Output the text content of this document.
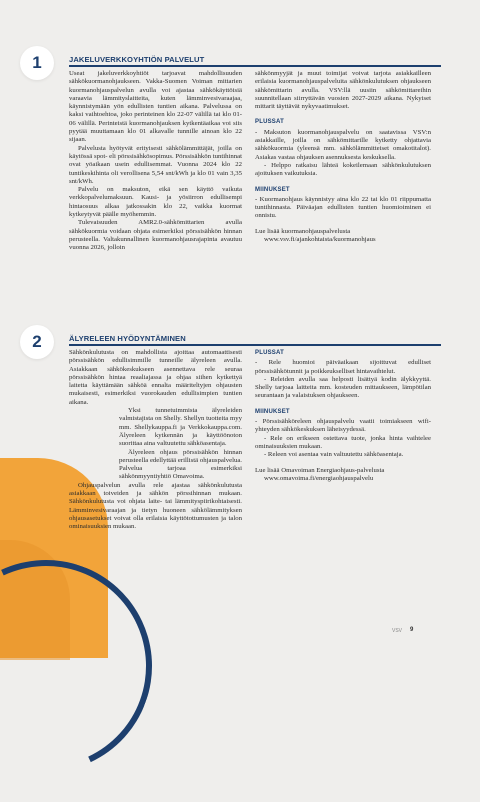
1	JAKELUVERKKOYHTIÖN PALVELUT

Useat jakeluverkkoyhtiöt tarjoavat mahdollisuuden sähkökuormanohjaukseen. Vakka-Suomen Voiman mittarien kuormanohjauspalvelun avulla voi ajastaa sähkökäyttöisiä varaavia lämmityslaitteita, kuten lämminvesivaraajaa, käynnistymään yön edullisten tuntien aikana. Palvelussa on kaksi vaihtoehtoa, joko perinteinen klo 22-07 välillä tai klo 01-06 välillä. Perinteistä kuormanohjauksen kytkentäaikaa voi siis pyytää muuttamaan klo 01 alkavalle tunnille ainoan klo 22 sijaan.

Palvelusta hyötyvät erityisesti sähkölämmittäjät, joilla on käytössä spot- eli pörssisähkösopimus. Pörssisähkön tuntihinnat ovat yöaikaan usein edullisemmat. Vuonna 2024 klo 22 tuntikeskihinta oli verollisena 5,54 snt/kWh ja klo 01 vain 3,35 snt/kWh.

Palvelu on maksuton, eikä sen käyttö vaikuta verkkopalvelumaksuun. Kausi- ja yösiirron edullisempi hintaosuus alkaa jatkossakin klo 22, vaikka kuormat kytkeytyvät päälle myöhemmin.

Tulevaisuuden AMR2.0-sähkömittarien avulla sähkökuormia voidaan ohjata esimerkiksi pörssisähkön hinnan perusteella. Valtakunnallinen kuormanohjausrajapinta avautuu vuonna 2026, jolloin

sähkönmyyjät ja muut toimijat voivat tarjota asiakkailleen erilaisia kuormanohjauspalveluita sähkönkulutuksen ohjaukseen sähkömittarin avulla. VSV:llä uusiin sähkömittareihin suunnitellaan siirryttävän vuosien 2027-2029 aikana. Nykyiset mittarit täyttävät nykyvaatimukset.

PLUSSAT

- Maksuton kuormanohjauspalvelu on saatavissa VSV:n asiakkaille, joilla on sähkömittarille kytketty ohjattavia sähkökuormia (yleensä mm. sähkölämmitteiset omakotitalot). Asiakas vastaa ohjauksen asennuksesta keskuksella.

- Helppo ratkaisu lähteä kokeilemaan sähkönkulutuksen ajoituksen vaikutuksia.

MIINUKSET

- Kuormanohjaus käynnistyy aina klo 22 tai klo 01 riippumatta tuntihinnasta. Päiväajan edullisten tuntien huomioiminen ei onnistu.

Lue lisää kuormanohjauspalvelusta

www.vsv.fi/ajankohtaista/kuormanohjaus

2	ÄLYRELEEN HYÖDYNTÄMINEN

Sähkönkulutusta on mahdollista ajoittaa automaattisesti pörssisähkön edullisimmille tunneille älyreleen avulla. Asiakkaan sähkökeskukseen asennettava rele seuraa pörssisähkön hintaa reaaliajassa ja ohjaa siihen kytkettyä laitetta käyttämään sähköä ennalta määriteltyjen ohjausten mukaisesti, esimerkiksi vuorokauden edullisimpien tuntien aikana.

Yksi tunnetuimmista älyreleiden valmistajista on Shelly. Shellyn tuotteita myy mm. Shellykauppa.fi ja Verkkokauppa.com. Älyreleen kytkennän ja käyttöönoton suorittaa aina valtuutettu sähköasentaja.

Älyreleen ohjaus pörssisähkön hinnan perusteella edellyttää erillistä ohjauspalvelua. Palvelua tarjoaa esimerkiksi sähkönmyyntiyhtiö Omavoima.

Ohjauspalvelun avulla rele ajastaa sähkönkulutusta asiakkaan toiveiden ja sähkön pörssihinnan mukaan. Sähkönkulutusta voi ohjata laite- tai lämmityspiirikohtaisesti. Lämminvesivaraajan ja tietyn huoneen sähkölämmityksen ohjausasetukset voivat olla erilaisia käyttötottumusten ja talon ominaisuuksien mukaan.

PLUSSAT

- Rele huomioi päiväaikaan sijoittuvat edulliset pörssisähkötunnit ja poikkeukselliset hintavaihtelut.

- Releiden avulla saa helposti lisättyä kodin älykkyyttä. Shelly tarjoaa laitteita mm. kosteuden mittaukseen, lämpötilan seurantaan ja valaistuksen ohjaukseen.

MIINUKSET

- Pörssisähköreleen ohjauspalvelu vaatii toimiakseen wifi-yhteyden sähkökeskuksen läheisyydessä.

- Rele on erikseen ostettava tuote, jonka hinta vaihtelee ominaisuuksien mukaan.

- Releen voi asentaa vain valtuutettu sähköasentaja.

Lue lisää Omavoiman Energiaohjaus-palvelusta

www.omavoima.fi/energiaohjauspalvelu

VSV 9
